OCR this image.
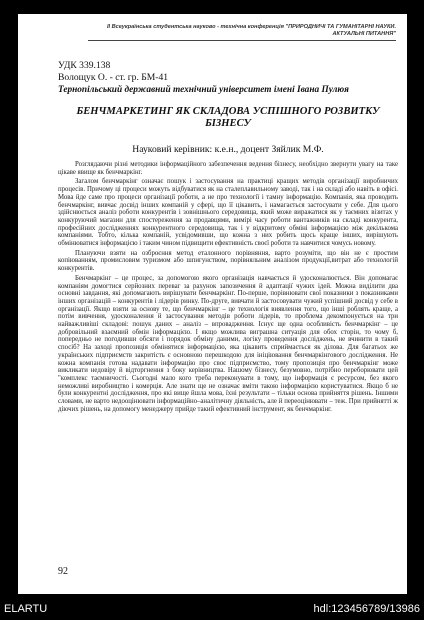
ІІ Всеукраїнська студентська науково - технічна конференція "ПРИРОДНИЧІ ТА ГУМАНІТАРНІ НАУКИ.
АКТУАЛЬНІ ПИТАННЯ"
УДК 339.138
Волощук О. - ст. гр. БМ-41
Тернопільський державний технічний університет імені Івана Пулюя
БЕНЧМАРКЕТИНГ ЯК СКЛАДОВА УСПІШНОГО РОЗВИТКУ БІЗНЕСУ
Науковий керівник: к.е.н., доцент Зяйлик М.Ф.

Розглядаючи різні методики інформаційного забезпечення ведення бізнесу, необхідно звернути увагу на таке цікаве явище як бенчмаркінг.

Загалом бенчмаркінг означає пошук і застосування на практиці кращих методів організації виробничих процесів. Причому ці процеси можуть відбуватися як на сталеплавильному заводі, так і на складі або навіть в офісі. Мова йде саме про процеси організації роботи, а не про технології і тамну інформацію. Компанія, яка проводить бенчмаркінг, вивчає досвід інших компаній у сфері, що її цікавить, і намагається застосувати у себе. Для цього здійснюється аналіз роботи конкурентів і зовнішнього середовища, який може виражатися як у таємних візитах у конкуруючий магазин для спостереження за продавцями, вимірі часу роботи вантажників на складі конкурента, професійних дослідженнях конкурентного середовища, так і у відкритому обміні інформацією між декількома компаніями. Тобто, кілька компаній, усвідомивши, що кожна з них робить щось краще інших, вирішують обмінюватися інформацією і таким чином підвищити ефективність своєї роботи та навчитися чомусь новому.

Плануючи взяти на озброєння метод еталонного порівняння, варто розуміти, що він не є простим копіюванням, промисловим туризмом або шпигунством, порівняльним аналізом продукції,витрат або технологій конкурентів.

Бенчмаркінг – це процес, за допомогою якого організація навчається й удосконалюється. Він допомагає компаніям домогтися серйозних переваг за рахунок запозичення й адаптації чужих ідей. Можна виділити два основні завдання, які допомагають вирішувати бенчмаркінг. По-перше, порівнювати свої показники з показниками інших організацій – конкурентів і лідерів ринку. По-друге, вивчати й застосовувати чужий успішний досвід у себе в організації. Якщо взяти за основу те, що бенчмаркінг – це технологія виявлення того, що інші роблять краще, а потім вивчення, удосконалення й застосування методів роботи лідерів, то проблема декомпонується на три найважливіші складові: пошук даних – аналіз – впровадження. Існує ще одна особливість бенчмаркінг – це добровільний взаємний обмін інформацією. І якщо можлива виграшна ситуація для обох сторін, то чому б, попередньо не погодивши обсяги і порядок обміну даними, логіку проведення досліджень, не вчинити в такий спосіб? На заході пропозиція обмінятися інформацією, яка цікавить сприймається як ділова. Для багатьох же українських підприємств закритість є основною перешкодою для ініціювання бенчмаркінгового дослідження. Не кожна компанія готова надавати інформацію про своє підприємство, тому пропозиція про бенчмаркінг може викликати недовіру й відторгнення з боку керівництва. Нашому бізнесу, безумовно, потрібно переборювати цей "комплекс таємничості. Сьогодні мало кого треба переконувати в тому, що інформація є ресурсом, без якого неможливі виробництво і комерція. Але знати ще не означає вміти такою інформацією користуватися. Якщо б не були конкурентні дослідження, про які вище йшла мова, їхні результати – тільки основа прийняття рішень. Іншими словами, не варто недооцінювати інформаційно–аналітичну діяльність, але й переоцінювати – теж. При прийнятті ж діючих рішень, на допомогу менеджеру прийде такий ефективний інструмент, як бенчмаркінг.

92
ELARTU	hdl:123456789/13986
